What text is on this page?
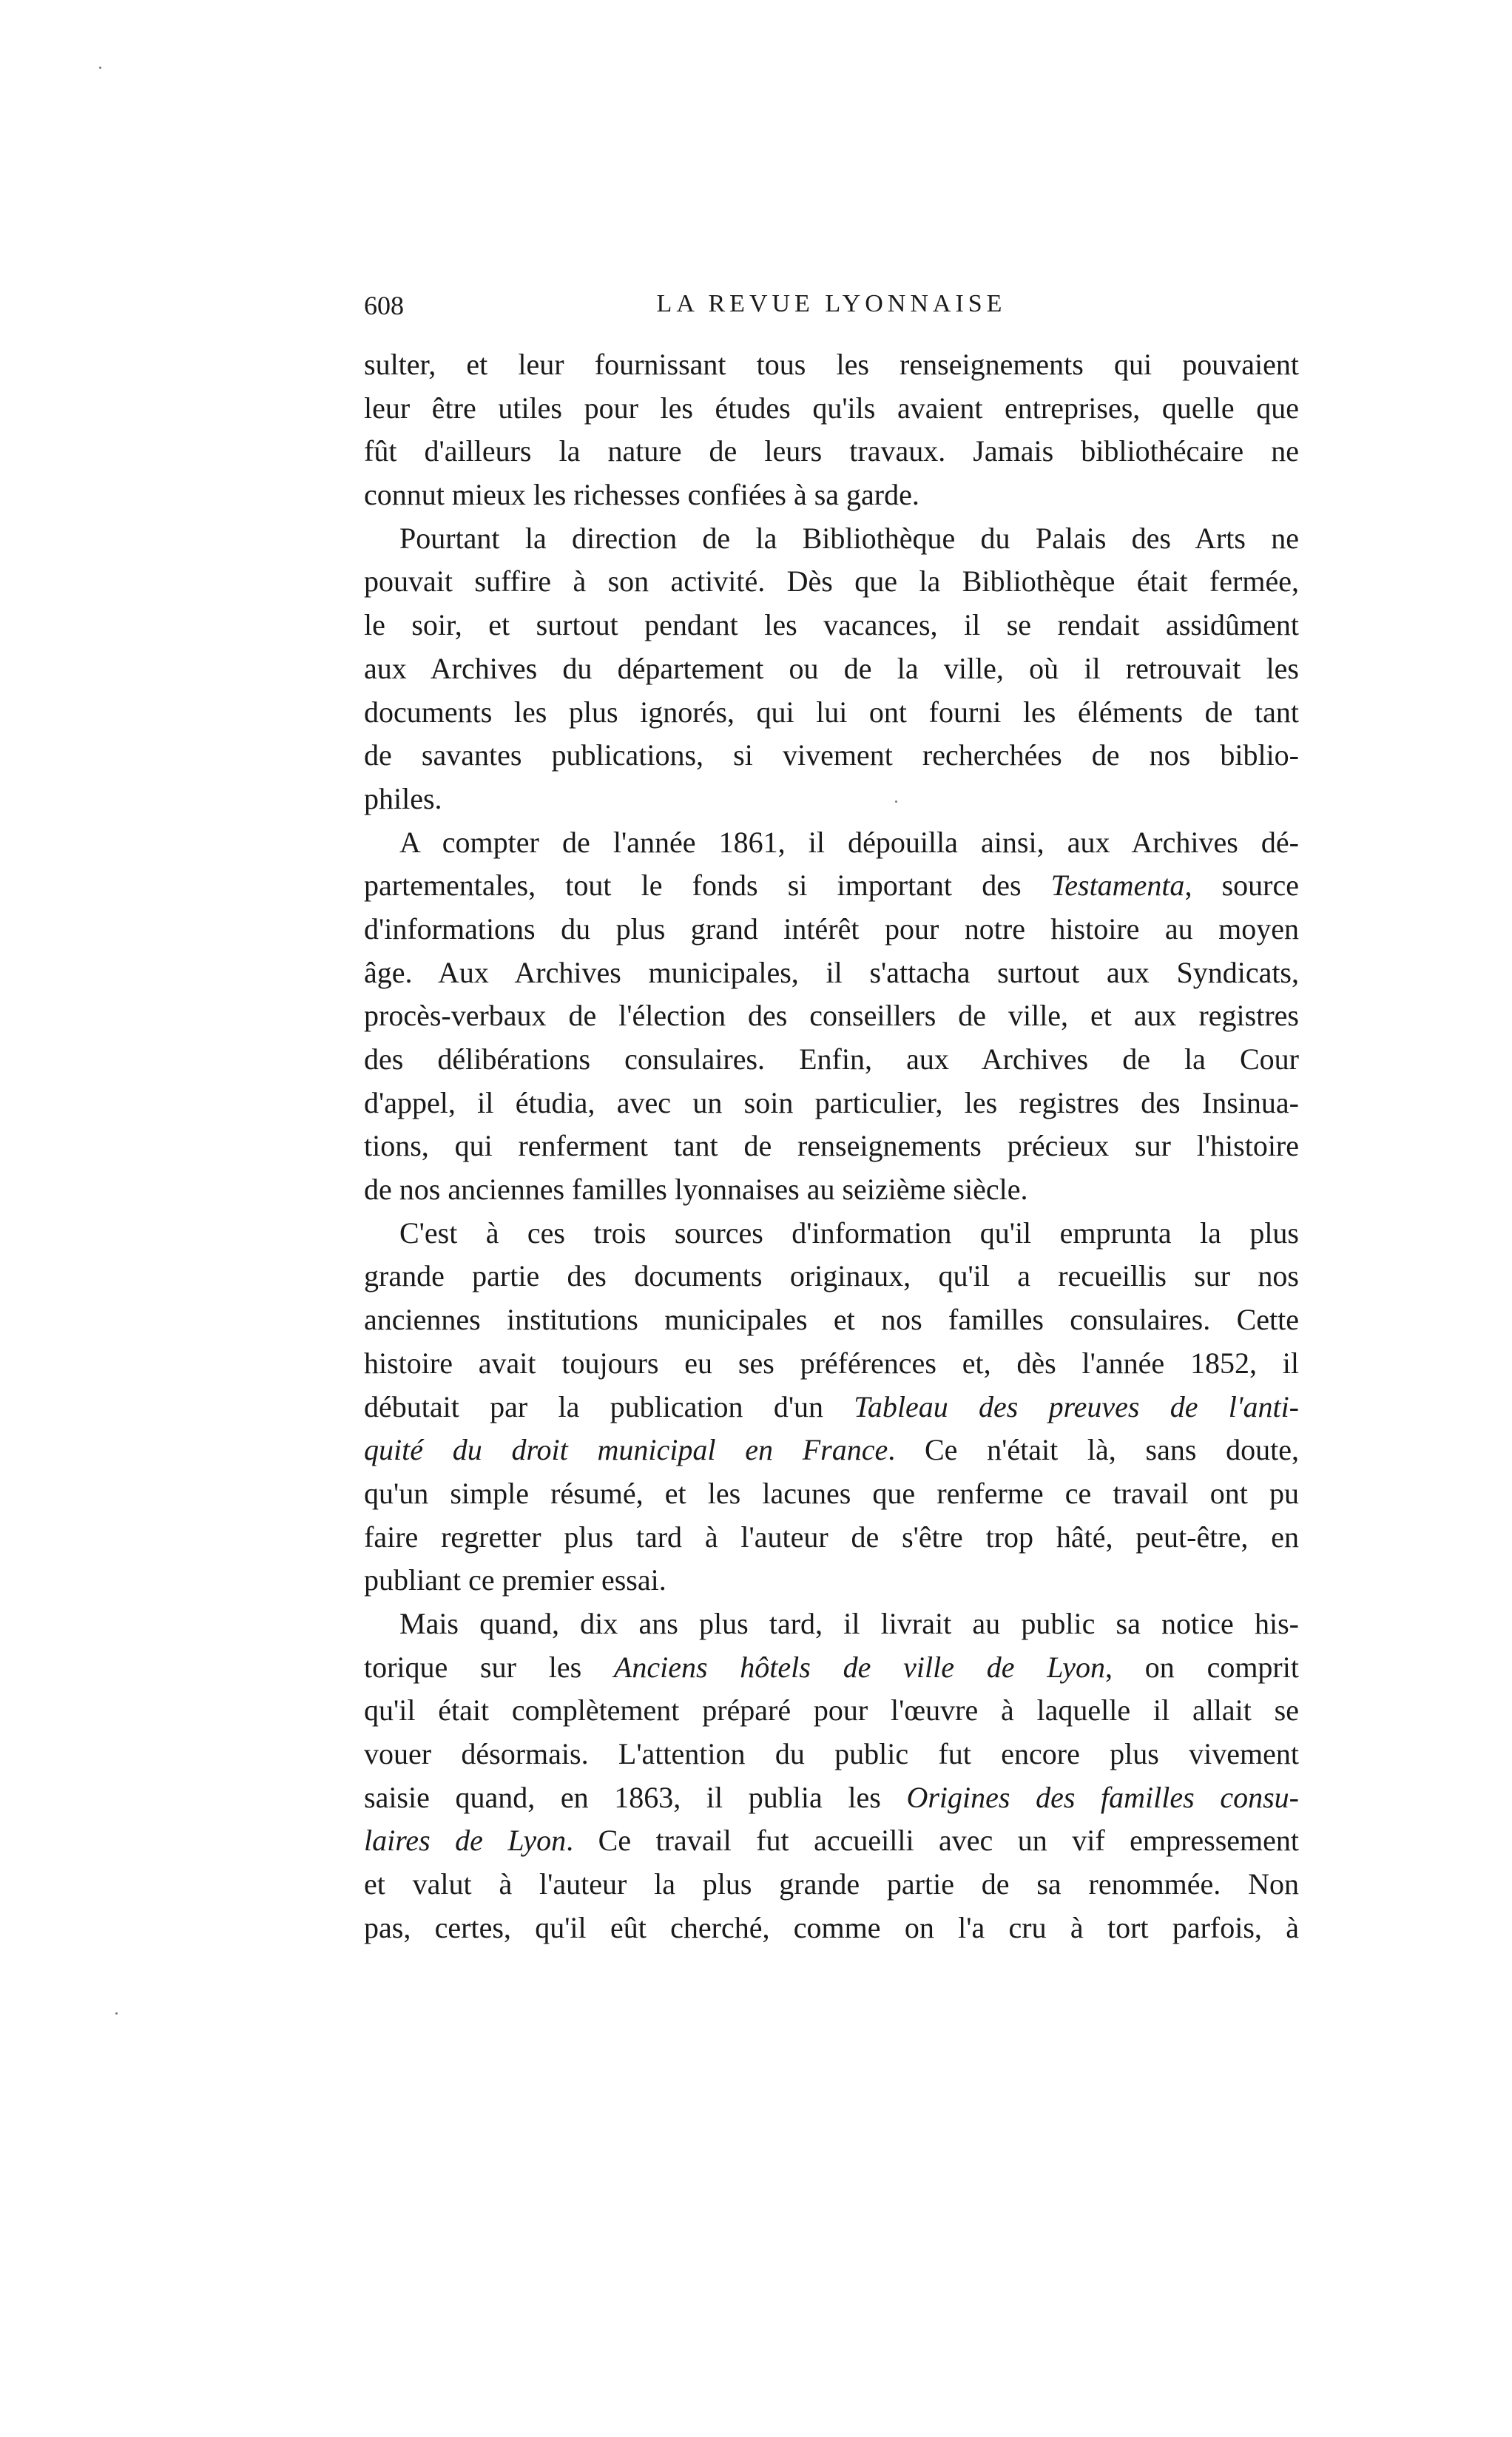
608	LA REVUE LYONNAISE
sulter, et leur fournissant tous les renseignements qui pouvaient
leur être utiles pour les études qu'ils avaient entreprises, quelle que
fût d'ailleurs la nature de leurs travaux. Jamais bibliothécaire ne
connut mieux les richesses confiées à sa garde.
Pourtant la direction de la Bibliothèque du Palais des Arts ne
pouvait suffire à son activité. Dès que la Bibliothèque était fermée,
le soir, et surtout pendant les vacances, il se rendait assidûment
aux Archives du département ou de la ville, où il retrouvait les
documents les plus ignorés, qui lui ont fourni les éléments de tant
de savantes publications, si vivement recherchées de nos biblio-
philes.
A compter de l'année 1861, il dépouilla ainsi, aux Archives dé-
partementales, tout le fonds si important des Testamenta, source
d'informations du plus grand intérêt pour notre histoire au moyen
âge. Aux Archives municipales, il s'attacha surtout aux Syndicats,
procès-verbaux de l'élection des conseillers de ville, et aux registres
des délibérations consulaires. Enfin, aux Archives de la Cour
d'appel, il étudia, avec un soin particulier, les registres des Insinua-
tions, qui renferment tant de renseignements précieux sur l'histoire
de nos anciennes familles lyonnaises au seizième siècle.
C'est à ces trois sources d'information qu'il emprunta la plus
grande partie des documents originaux, qu'il a recueillis sur nos
anciennes institutions municipales et nos familles consulaires. Cette
histoire avait toujours eu ses préférences et, dès l'année 1852, il
débutait par la publication d'un Tableau des preuves de l'anti-
quité du droit municipal en France. Ce n'était là, sans doute,
qu'un simple résumé, et les lacunes que renferme ce travail ont pu
faire regretter plus tard à l'auteur de s'être trop hâté, peut-être, en
publiant ce premier essai.
Mais quand, dix ans plus tard, il livrait au public sa notice his-
torique sur les Anciens hôtels de ville de Lyon, on comprit
qu'il était complètement préparé pour l'œuvre à laquelle il allait se
vouer désormais. L'attention du public fut encore plus vivement
saisie quand, en 1863, il publia les Origines des familles consu-
laires de Lyon. Ce travail fut accueilli avec un vif empressement
et valut à l'auteur la plus grande partie de sa renommée. Non
pas, certes, qu'il eût cherché, comme on l'a cru à tort parfois, à
